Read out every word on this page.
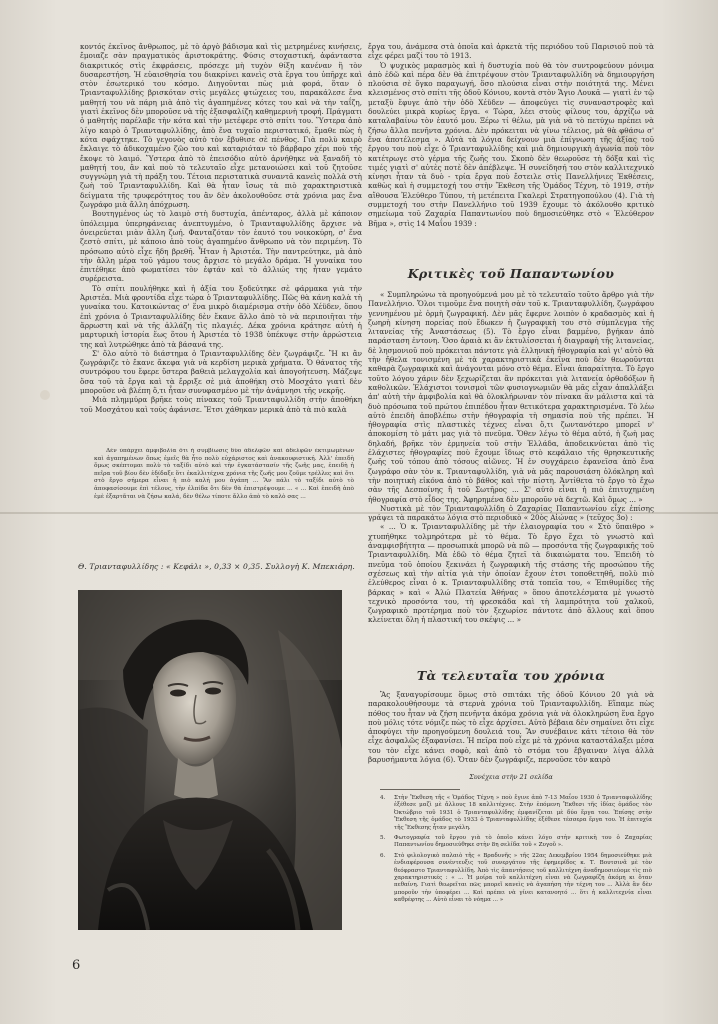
κοντός ἐκεῖνος ἄνθρωπος, μὲ τὸ ἀργὸ βάδισμα καὶ τὶς μετρημένες κινήσεις, ἔμοιαζε σὰν πραγματικὸς ἀριστοκράτης. Φύσις στοχαστική, ἀφάνταστα διακριτικός στὶς ἐκφράσεις, πρόσεχε μὴ τυχὸν θίξη κανέναν ἢ τὸν δυσαρεστήση. Ἡ εὐαισθησία του διακρίνει κανεὶς στὰ ἔργα του ὑπῆρχε καὶ στὸν ἐσωτερικό του κόσμο. Διηγοῦνται πὼς μιὰ φορά, ὅταν ὁ Τριανταφυλλίδης βρισκόταν στὶς μεγάλες φτώχειες του, παρακάλεσε ἕνα μαθητή του νὰ πάρη μιὰ ἀπὸ τὶς ἀγαπημένες κότες του καὶ νὰ τὴν ταΐζη, γιατὶ ἐκεῖνος δὲν μποροῦσε νὰ τῆς ἐξασφαλίζη καθημερινὴ τροφή. Πράγματι ὁ μαθητὴς παρέλαβε τὴν κότα καὶ τὴν μετέφερε στὸ σπίτι του. Ὕστερα ἀπὸ λίγο καιρὸ ὁ Τριανταφυλλίδης, ἀπὸ ἕνα τυχαῖο περιστατικό, ἔμαθε πὼς ἡ κότα σφάχτηκε. Τὸ γεγονὸς αὐτὸ τὸν ἔβυθισε σὲ πένθος. Γιὰ πολὺ καιρὸ ἔκλαιγε τὸ ἀδικοχαμένο ζῶο του καὶ καταριόταν τὸ βάρβαρο χέρι ποὺ τῆς ἔκοψε τὸ λαιμό. Ὕστερα ἀπὸ τὸ ἐπεισόδιο αὐτὸ ἀρνήθηκε νὰ ξαναδῆ τὸ μαθητή του, ἂν καὶ ποὺ τὸ τελευταῖο εἶχε μετανοιώσει καὶ τοῦ ζητοῦσε συγγνώμη γιὰ τὴ πράξη του. Τέτοια περιστατικὰ συναντᾶ κανεὶς πολλὰ στὴ ζωὴ τοῦ Τριανταφυλλίδη. Καὶ θὰ ἦταν ἴσως τὰ πιὸ χαρακτηριστικὰ δείγματα τῆς τρυφερότητος του ἂν δὲν ἀκολουθοῦσε στὰ χρόνια μας ἕνα ζωγράφο μιὰ ἄλλη ἀπόχρωση.

Βουτηγμένος ὡς τὸ λαιμὸ στὴ δυστυχία, ἀπένταρος, ἀλλὰ μὲ κάποιον ὑπόλειμμα ὑπερηφάνειας ἀνεπτυγμένο, ὁ Τριανταφυλλίδης ἄρχισε νὰ ὀνειρεύεται μιὰν ἄλλη ζωή. Φανταζόταν τὸν ἑαυτό του νοικοκύρη, σ' ἕνα ζεστὸ σπίτι, μὲ κάποιο ἀπὸ τοὺς ἀγαπημένο ἄνθρωπο νὰ τὸν περιμένη. Τὸ πρόσωπο αὐτὸ εἶχε ἤδη βρεθῆ. Ἦταν ἡ Ἀριστέα. Τὴν παντρεύτηκε, μὰ ἀπὸ τὴν ἄλλη μέρα τοῦ γάμου τους ἄρχισε τὸ μεγάλο δράμα. Ἡ γυναίκα του ἐπιτέθηκε ἀπὸ φωματίσει τὸν ἐφτάν καὶ τὸ ἀλλιώς της ἦταν γεμάτο συρέρειστα.

Τὸ σπίτι πουλήθηκε καὶ ἡ ἀξία του ξοδεύτηκε σὲ φάρμακα γιὰ τὴν Ἀριστέα. Μιὰ φροντίδα εἶχε τώρα ὁ Τριανταφυλλίδης. Πῶς θὰ κάνη καλὰ τὴ γυναίκα του. Κατοικώντας σ' ἕνα μικρὸ διαμέρισμα στὴν ὁδὸ Χέϋδεν, ὅπου ἐπὶ χρόνια ὁ Τριανταφυλλίδης δὲν ἔκανε ἄλλο ἀπὸ τὸ νὰ περιποιῆται τὴν ἄρρωστη καὶ νὰ τῆς ἀλλάζη τὶς πλαγιές. Δέκα χρόνια κράτησε αὐτὴ ἡ μαρτυρικὴ ἱστορία ἕως ὅτου ἡ Ἀριστέα τὸ 1938 ὑπέκυψε στὴν ἀρρώστεια της καὶ λυτρώθηκε ἀπὸ τὰ βάσανά της.

Σ' ὅλο αὐτὸ τὸ διάστημα ὁ Τριανταφυλλίδης δὲν ζωγράφιζε. Ἢ κι ἂν ζωγράφιζε τὸ ἔκανε ἄκεφα γιὰ νὰ κερδίση μερικὰ χρήματα. Ὁ θάνατος τῆς συντρόφου του ἔφερε ὕστερα βαθειὰ μελαγχολία καὶ ἀπογοήτευση. Μάζεψε ὅσα τοῦ τὰ ἔργα καὶ τὰ ἔρριξε σὲ μιὰ ἀποθήκη στὸ Μοσχάτο γιατὶ δὲν μποροῦσε νὰ βλέπη ὅ,τι ἦταν συνυφασμένο μὲ τὴν ἀνάμνησι τῆς νεκρῆς.

Μιὰ πλημμύρα βρῆκε τοὺς πίνακες τοῦ Τριανταφυλλίδη στὴν ἀποθήκη τοῦ Μοσχάτου καὶ τοὺς ἀφάνισε. Ἔτσι χάθηκαν μερικὰ ἀπὸ τὰ πιὸ καλὰ

Δὲν ὑπάρχει ἀμφιβολία ὅτι ἡ συμβίωσις δύο ἀδελφῶν καὶ ἀδελφῶν ἐκτιμωμένων καὶ ἀγαπημένων ὅπως ἐμεῖς θὰ ἦτο πολὺ εὐχάριστος καὶ ἀνακουφιστική. Ἀλλ' ἐπειδὴ ὅμως σκέπτομαι πολὺ τὸ ταξίδι αὐτὸ καὶ τὴν ἐγκατάστασίν τῆς ζωῆς μας, ἐπειδὴ ἡ πεῖρα τοῦ βίου δὲν ἐδίδαξε ὅτι ἐκαλλιτέχνα χρόνια τῆς ζωῆς μου ζοῦμε τρέλλες καὶ ὅτι στὸ ἔργο σήμερα εἶναι ἡ πιὸ καλή μου ἀγάπη ... Ἂν πάλι τὸ ταξίδι αὐτὸ τὸ ἀποφασίσουμε ἐπὶ τέλους, τὴν ἐλπίδα ὅτι δὲν θὰ ἐπιστρέψουμε ... « ... Καὶ ἐπειδὴ ἀπὸ ἐμὲ ἐξαρτᾶται νὰ ζήσω καλά, δὲν θέλω τίποτε ἄλλο ἀπὸ τὸ καλὸ σας ...

Θ. Τριανταφυλλίδης : « Κεφάλι », 0,33 × 0,35. Συλλογὴ Κ. Μπεκιάρη.
6

ἔργα του, ἀνάμεσα στὰ ὁποῖα καὶ ἀρκετὰ τῆς περιόδου τοῦ Παρισιοῦ ποὺ τὰ εἶχε φέρει μαζί του τὸ 1913.

Ὁ ψυχικὸς μαρασμὸς καὶ ἡ δυστυχία ποὺ θὰ τὸν συντροφεύουν μόνιμα ἀπὸ ἐδῶ καὶ πέρα δὲν θὰ ἐπιτρέψουν στὸν Τριανταφυλλίδη νὰ δημιουργήση πλούσια σὲ ὄγκο παραγωγή, ὅσο πλούσια εἶναι στὴν ποιότητά της. Μένει κλεισμένος στὸ σπίτι τῆς ὁδοῦ Κόνιου, κοντὰ στὸν Ἅγιο Λουκᾶ — γιατὶ ἐν τῷ μεταξὺ ἔφυγε ἀπὸ τὴν ὁδὸ Χέϋδεν — ἀποφεύγει τὶς συναναστροφὲς καὶ δουλεύει μικρὰ κυρίως ἔργα. « Τώρα, λέει στοὺς φίλους του, ἀρχίζω νὰ καταλαβαίνω τὸν ἑαυτό μου. Ξέρω τί θέλω, μὰ γιὰ νὰ τὸ πετύχω πρέπει νὰ ζήσω ἄλλα πενῆντα χρόνια. Δὲν πρόκειται νὰ γίνω τέλειος, μὰ θὰ φθάσω σ' ἕνα ἀποτέλεσμα ». Αὐτὰ τὰ λόγια δείχνουν μιὰ ἐπίγνωση τῆς ἀξίας τοῦ ἔργου του ποὺ εἶχε ὁ Τριανταφυλλίδης καὶ μιὰ δημιουργικὴ ἀγωνία ποὺ τὸν κατέτρωγε στὸ γέρμα τῆς ζωῆς του. Σκοπὸ δὲν θεωροῦσε τὴ δόξα καὶ τὶς τιμές γιατὶ σ' αὐτὲς ποτὲ δὲν ἀπέβλεψε. Ἡ συνείδησή του στὸν καλλιτεχνικὸ κίνησι ἦταν τὰ δυὸ - τρία ἔργα ποὺ ἔστειλε στὶς Πανελλήνιες Ἐκθέσεις, καθὼς καὶ ἡ συμμετοχή του στὴν Ἔκθεση τῆς Ὁμάδος Τέχνη, τὸ 1919, στὴν αἴθουσα Ἐλεύθερο Τύπου, τὴ μετέπειτα Γκαλερὶ Στρατηγοπούλου (4). Γιὰ τὴ συμμετοχή του στὴν Πανελλήνιο τοῦ 1939 ἔχουμε τὸ ἀκόλουθο κριτικὸ σημείωμα τοῦ Ζαχαρία Παπαντωνίου ποὺ δημοσιεύθηκε στὸ « Ἐλεύθερον Βῆμα », στὶς 14 Μαΐου 1939 :

Κριτικὲς τοῦ Παπαντωνίου

« Συμπληρώνω τὰ προηγούμενά μου μὲ τὸ τελευταῖο τοῦτο ἄρθρο γιὰ τὴν Πανελλήνιο. Ὅλοι τιμοῦμε ἕνα ποιητὴ σὰν τοῦ κ. Τριανταφυλλίδη, ζωγράφου γεννημένου μὲ ὁρμὴ ζωγραφική. Δὲν μᾶς ἔφερνε λοιπὸν ὁ κραδασμὸς καὶ ἡ ζωηρὴ κίνηση πορείας ποὺ ἔδωκεν ἡ ζωγραφικὴ του στὸ σύμπλεγμα τῆς λιτανείας τῆς Ἀναστάσεως (5). Τὸ ἔργο εἶναι βαμμένο, βγήκαν ἀπὸ παράσταση ἐντονη. Ὅσο ἀραιὰ κι ἂν ἐκτυλίσσεται ἡ διαγραφὴ τῆς λιτανείας, δὲ λησμονιοῦ ποὺ πρόκειται πάντοτε γιὰ ἑλληνικὴ ἠθογραφία καὶ γι' αὐτὸ θὰ τὴν ἤθελα τονισμένη μὲ τὰ χαρακτηριστικὰ ἐκεῖνα ποὺ δὲν θεωροῦνται καθαρὰ ζωγραφικὰ καὶ ἀνάγονται μόνο στὸ θέμα. Εἶναι ἀπαραίτητα. Τὸ ἔργο τοῦτο λόγου χάριν δὲν ξεχωρίζεται ἂν πρόκειται γιὰ λιτανεία ὀρθοδόξων ἢ καθολικῶν. Ἐλάχιστοι τονισμοὶ τῶν φυσιογνωμιῶν θὰ μᾶς εἶχαν ἀπαλλάξει ἀπ' αὐτὴ τὴν ἀμφιβολία καὶ θὰ ὁλοκλήρωναν τὸν πίνακα ἂν μάλιστα καὶ τὰ δυὸ πρόσωπα τοῦ πρώτου ἐπιπέδου ἦταν θετικότερα χαρακτηρισμένα. Τὸ λέω αὐτὸ ἐπειδὴ ἀποβλέπω στὴν ἠθογραφία τὴ σημασία ποὺ τῆς πρέπει. Ἡ ἠθογραφία στὶς πλαστικὲς τέχνες εἶναι ὅ,τι ζωντανότερο μπορεῖ ν' ἀποκομίση τὸ μάτι μας γιὰ τὸ πνεῦμα. Ὅθεν λέγω τὸ θέμα αὐτό, ἡ ζωὴ μας δηλαδή, βρῆκε τὸν ἐρμηνεία τοῦ στὴν Ἑλλάδα, ἀποδεικνύεται ἀπὸ τὶς ἐλάχιστες ἠθογραφίες ποὺ ἔχουμε ἴδιως στὸ κεφάλαιο τῆς θρησκευτικῆς ζωῆς τοῦ τόπου ἀπὸ τόσους αἰῶνες. Ἡ ἐν συγχάρειο ἐφανεῖσα ἀπὸ ἕνα ζωγράφο σὰν τὸν κ. Τριανταφυλλίδη, γιὰ νὰ μᾶς παρουσιάση ὁλόκληρη καὶ τὴν ποιητικὴ εἰκόνα ἀπὸ τὸ βάθος καὶ τὴν πίστη. Ἀντίθετα τὸ ἔργο τὸ ἔχω σὰν τῆς Δεσποίνης ἢ τοῦ Σωτῆρος ... Σ' αὐτὸ εἶναι ἡ πιὸ ἐπιτυχημένη ἠθογραφία στὸ εἶδος της. Ἀφηρημένα δὲν μποροῦν νὰ δεχτῶ. Καὶ ὅμως ... »

Νυστικὰ μὲ τὸν Τριανταφυλλίδη ὁ Ζαχαρίας Παπαντωνίου εἶχε ἐπίσης γράψει τὰ παρακάτω λόγια στὸ περιοδικὸ « 20ὸς Αἰώνας » (τεῦχος 3ο) :

« ... Ὁ κ. Τριανταφυλλίδης μὲ τὴν ἐλαιογραφία του « Στὸ ὕπαιθρο » χτυπήθηκε τολμηρότερα μὲ τὸ θέμα. Τὸ ἔργο ἔχει τὸ γνωστὸ καὶ ἀναμφισβήτητα — προσωπικὰ μπορῶ νὰ πῶ — προσόντα τῆς ζωγραφικῆς τοῦ Τριανταφυλλίδη. Μὰ ἐδῶ τὸ θέμα ζητεῖ τὰ δικαιώματα του. Ἐπειδὴ τὸ πνεῦμα τοῦ ὁποίου ξεκινάει ἡ ζωγραφικὴ τῆς στάσης τῆς προσώπου τῆς σχέσεως καὶ τὴν αἰτία γιὰ τὴν ὁποίαν ἔχουν ἐτσι τοποθετηθῆ, πολὺ πιὸ ἐλεύθερος εἶναι ὁ κ. Τριανταφυλλίδης στὰ τοπεῖα του, « Ἐπιθυμίδες τῆς βάρκας » καὶ « Ἀλώ Πλατεία Ἀθήνας » ὅπου ἀποτελέσματα μὲ γνωστὸ τεχνικὸ προσόντα του, τὴ φρεσκάδα καὶ τὴ λαμπρότητα τοῦ χαλκοῦ, ζωγραφικὸ προτέρημα ποὺ τὸν ξεχωρίσε πάντοτε ἀπὸ ἄλλους καὶ ὅπου κλείνεται ὅλη ἡ πλαστική του σκέψις ... »

Τὰ τελευταῖα του χρόνια

Ἂς ξαναγυρίσουμε ὅμως στὸ σπιτάκι τῆς ὁδοῦ Κόνιου 20 γιὰ νὰ παρακολουθήσουμε τὰ στερνὰ χρόνια τοῦ Τριανταφυλλίδη. Εἴπαμε πὼς πόθος του ἦταν νὰ ζήση πενῆντα ἀκόμα χρόνια γιὰ νὰ ὁλοκληρώση ἕνα ἔργο ποὺ μόλις τότε νόμιζε πὼς τὸ εἶχε ἀρχίσει. Αὐτὸ βέβαια δὲν σημαίνει ὅτι εἶχε ἀποφύγει τὴν προηγούμενη δουλειά του. Ἂν συνέβαινε κάτι τέτοιο θὰ τὸν εἶχε ἀσφαλῶς ἐξαφανίσει. Ἡ πεῖρα ποὺ εἶχε μὲ τὰ χρόνια καταστάλαξει μέσα του τὸν εἶχε κάνει σοφὸ, καὶ ἀπὸ τὸ στόμα του ἔβγαιναν λίγα ἀλλὰ βαρυσήμαντα λόγια (6). Ὅταν δὲν ζωγράφιζε, περνοῦσε τὸν καιρὸ

Συνέχεια στὴν 21 σελίδα
4.	Στὴν Ἔκθεση τῆς « Ὁμάδος Τέχνη » ποὺ ἔγινε ἀπὸ 7-13 Μαΐου 1930 ὁ Τριανταφυλλίδης ἐξέθεσε μαζὶ μὲ ἄλλους 18 καλλιτέχνες. Στὴν ἑπόμενη Ἔκθεσι τῆς ἰδίας ὁμάδος τὸν Ὀκτώβριο τοῦ 1931 ὁ Τριανταφυλλίδης ἐμφανίζεται μὲ δύο ἔργα του. Ἐπίσης στὴν Ἔκθεση τῆς ὁμάδος τὸ 1933 ὁ Τριανταφυλλίδης ἐξέθεσε τέσσερα ἔργα του. Ἡ ἐπιτυχία τῆς Ἔκθεσης ἦταν μεγάλη.
5.	Φωτογραφία τοῦ ἔργου γιὰ τὸ ὁποῖο κάνει λόγο στὴν κριτικὴ του ὁ Ζαχαρίας Παπαντωνίου δημοσιεύθηκε στὴν 8η σελίδα τοῦ « Ζυγοῦ ».
6.	Στὸ φιλολογικὸ παλαιὸ τῆς « Βραδυνῆς » τῆς 22ας Δεκεμβρίου 1954 δημοσιεύθηκε μιὰ ἐνδιαφέρουσα συνέντευξις τοῦ συνεργάτου τῆς ἐφημερίδος κ. Τ. Βουτσινᾶ μὲ τὸν θεόφραστο Τριανταφυλλίδη. Ἀπὸ τὶς ἀπαντήσεις τοῦ καλλιτέχνη ἀναδημοσιεύομε τὶς πιὸ χαρακτηριστικές : « ... Ἡ μοίρα τοῦ καλλιτέχνη εἶναι νὰ ζωγραφίζη ἀκόμη κι ὅταν πεθαίνη. Γιατὶ θεωρεῖται πῶς μπορεῖ κανεὶς νὰ ἀγαπήση τὴν τέχνη του ... Ἀλλὰ ἂν δὲν μποροῦν τὴν ὑποφέρει ... Καὶ πρέπει νὰ γίνει κατανοητό ... ὅτι ἡ καλλιτεχνία εἶναι καθρέφτης ... Αὐτὸ εἶναι τὸ νόημα ... »
